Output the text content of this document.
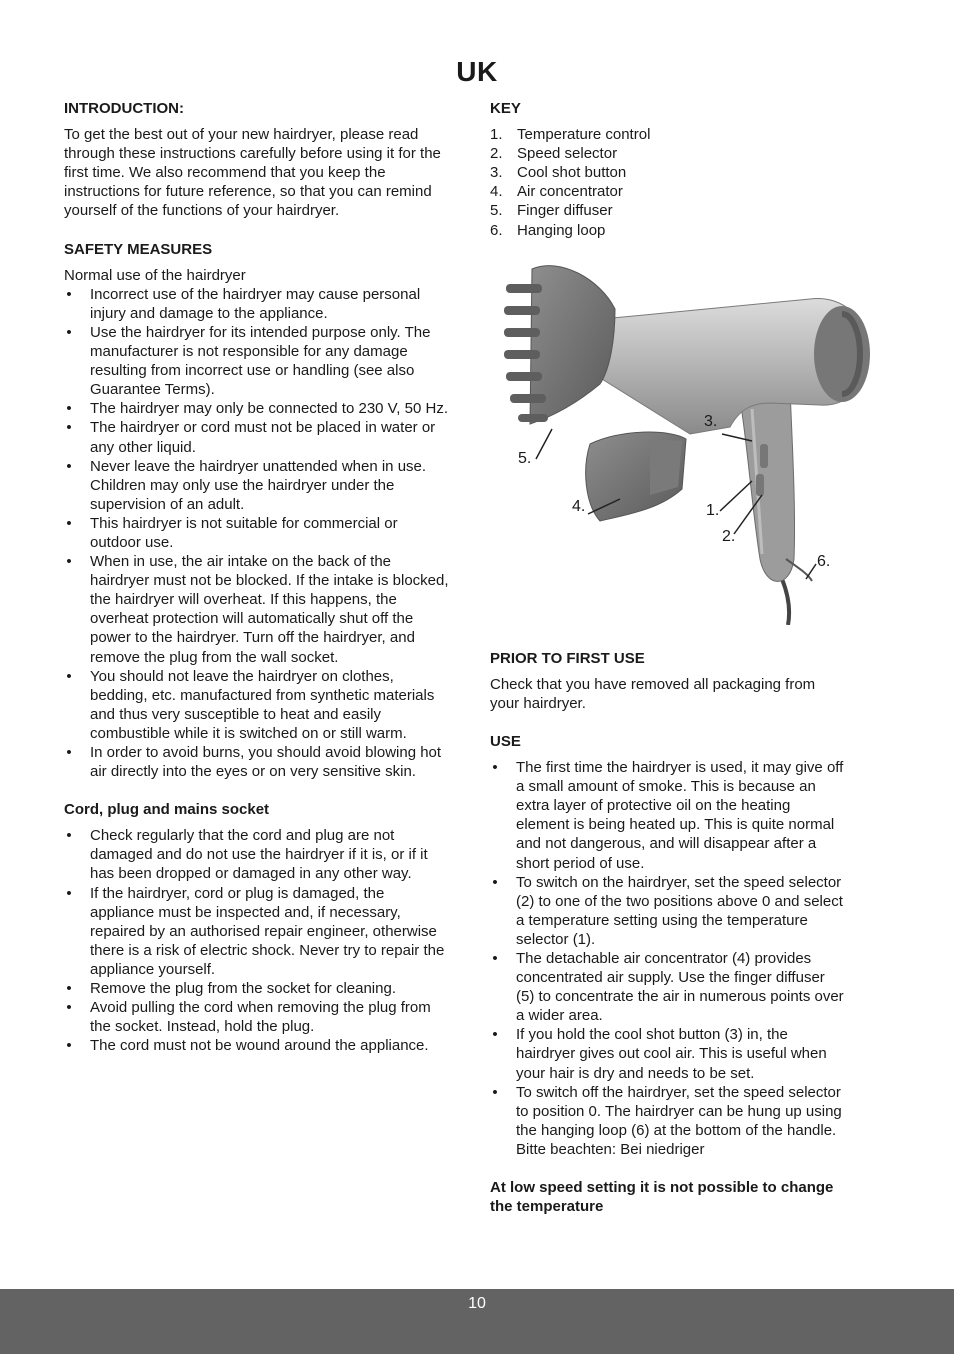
UK
INTRODUCTION:

To get the best out of your new hairdryer, please read through these instructions carefully before using it for the first time. We also recommend that you keep the instructions for future reference, so that you can remind yourself of the functions of your hairdryer.

SAFETY MEASURES

Normal use of the hairdryer

• Incorrect use of the hairdryer may cause personal injury and damage to the appliance.
• Use the hairdryer for its intended purpose only. The manufacturer is not responsible for any damage resulting from incorrect use or handling (see also Guarantee Terms).
• The hairdryer may only be connected to 230 V, 50 Hz.
• The hairdryer or cord must not be placed in water or any other liquid.
• Never leave the hairdryer unattended when in use. Children may only use the hairdryer under the supervision of an adult.
• This hairdryer is not suitable for commercial or outdoor use.
• When in use, the air intake on the back of the hairdryer must not be blocked. If the intake is blocked, the hairdryer will overheat. If this happens, the overheat protection will automatically shut off the power to the hairdryer. Turn off the hairdryer, and remove the plug from the wall socket.
• You should not leave the hairdryer on clothes, bedding, etc. manufactured from synthetic materials and thus very susceptible to heat and easily combustible while it is switched on or still warm.
• In order to avoid burns, you should avoid blowing hot air directly into the eyes or on very sensitive skin.
Cord, plug and mains socket
• Check regularly that the cord and plug are not damaged and do not use the hairdryer if it is, or if it has been dropped or damaged in any other way.
• If the hairdryer, cord or plug is damaged, the appliance must be inspected and, if necessary, repaired by an authorised repair engineer, otherwise there is a risk of electric shock. Never try to repair the appliance yourself.
• Remove the plug from the socket for cleaning.
• Avoid pulling the cord when removing the plug from the socket. Instead, hold the plug.
• The cord must not be wound around the appliance.
KEY
1. Temperature control
2. Speed selector
3. Cool shot button
4. Air concentrator
5. Finger diffuser
6. Hanging loop
3.
5.
4.	1.
2.
6.
PRIOR TO FIRST USE

Check that you have removed all packaging from your hairdryer.

USE
• The first time the hairdryer is used, it may give off a small amount of smoke. This is because an extra layer of protective oil on the heating element is being heated up. This is quite normal and not dangerous, and will disappear after a short period of use.
• To switch on the hairdryer, set the speed selector (2) to one of the two positions above 0 and select a temperature setting using the temperature selector (1).
• The detachable air concentrator (4) provides concentrated air supply. Use the finger diffuser (5) to concentrate the air in numerous points over a wider area.
• If you hold the cool shot button (3) in, the hairdryer gives out cool air. This is useful when your hair is dry and needs to be set.
• To switch off the hairdryer, set the speed selector to position 0. The hairdryer can be hung up using the hanging loop (6) at the bottom of the handle.
Bitte beachten: Bei niedriger

At low speed setting it is not possible to change   the temperature

10
